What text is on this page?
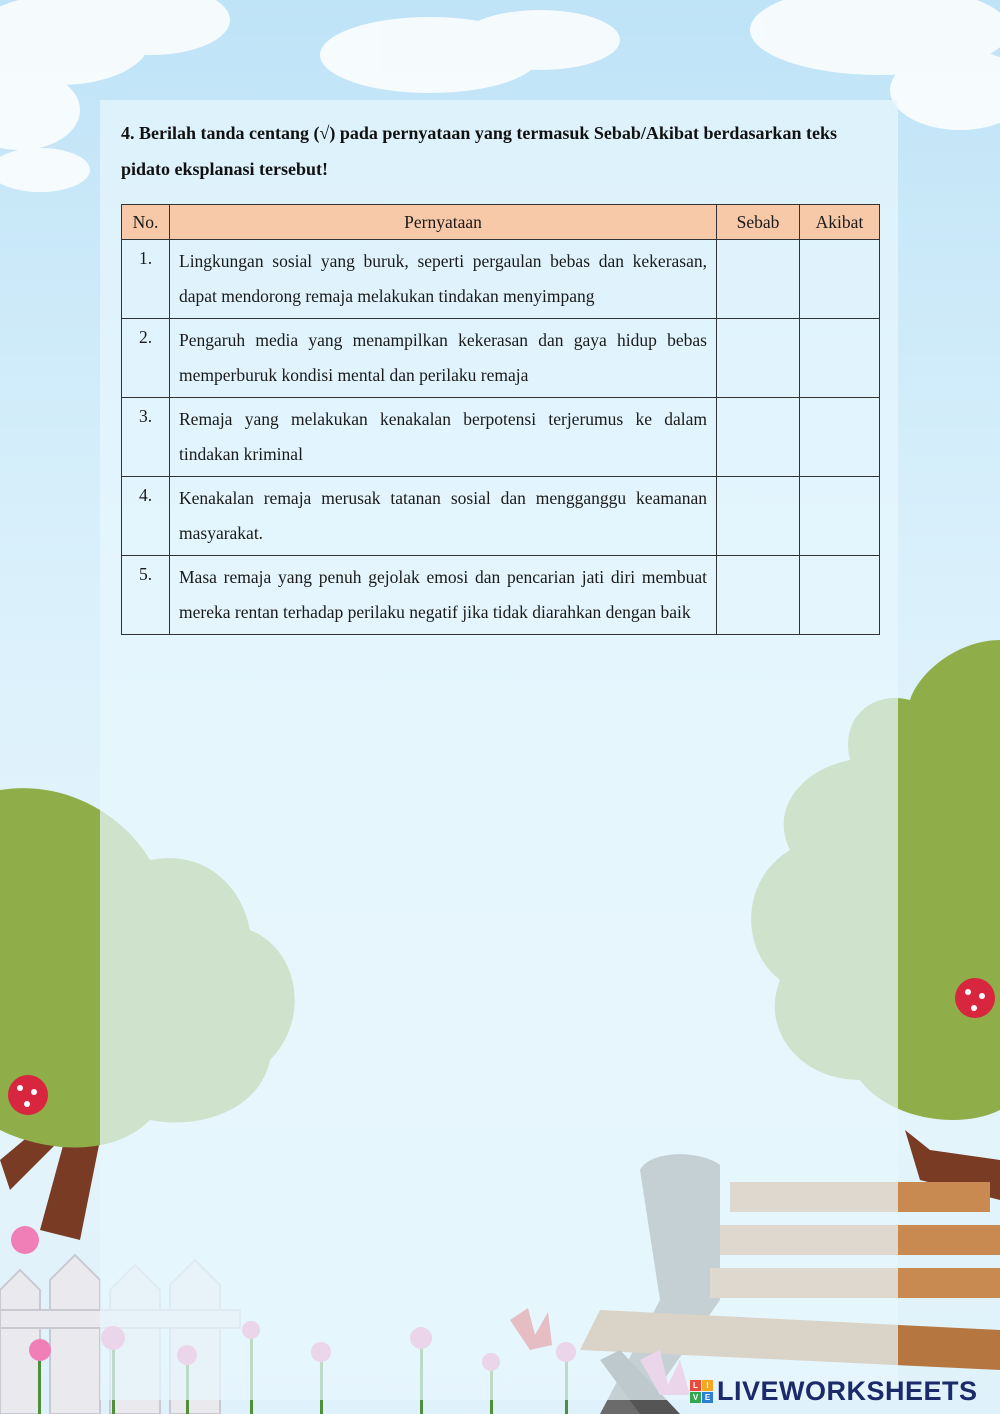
4. Berilah tanda centang (√) pada pernyataan yang termasuk Sebab/Akibat berdasarkan teks pidato eksplanasi tersebut!
No.	Pernyataan	Sebab	Akibat

1.	Lingkungan sosial yang buruk, seperti pergaulan bebas dan kekerasan, dapat mendorong remaja melakukan tindakan menyimpang		

2.	Pengaruh media yang menampilkan kekerasan dan gaya hidup bebas memperburuk kondisi mental dan perilaku remaja		

3.	Remaja yang melakukan kenakalan berpotensi terjerumus ke dalam tindakan kriminal		

4.	Kenakalan remaja merusak tatanan sosial dan mengganggu keamanan masyarakat.		

5.	Masa remaja yang penuh gejolak emosi dan pencarian jati diri membuat mereka rentan terhadap perilaku negatif jika tidak diarahkan dengan baik		
L	I
V E LIVEWORKSHEETS
